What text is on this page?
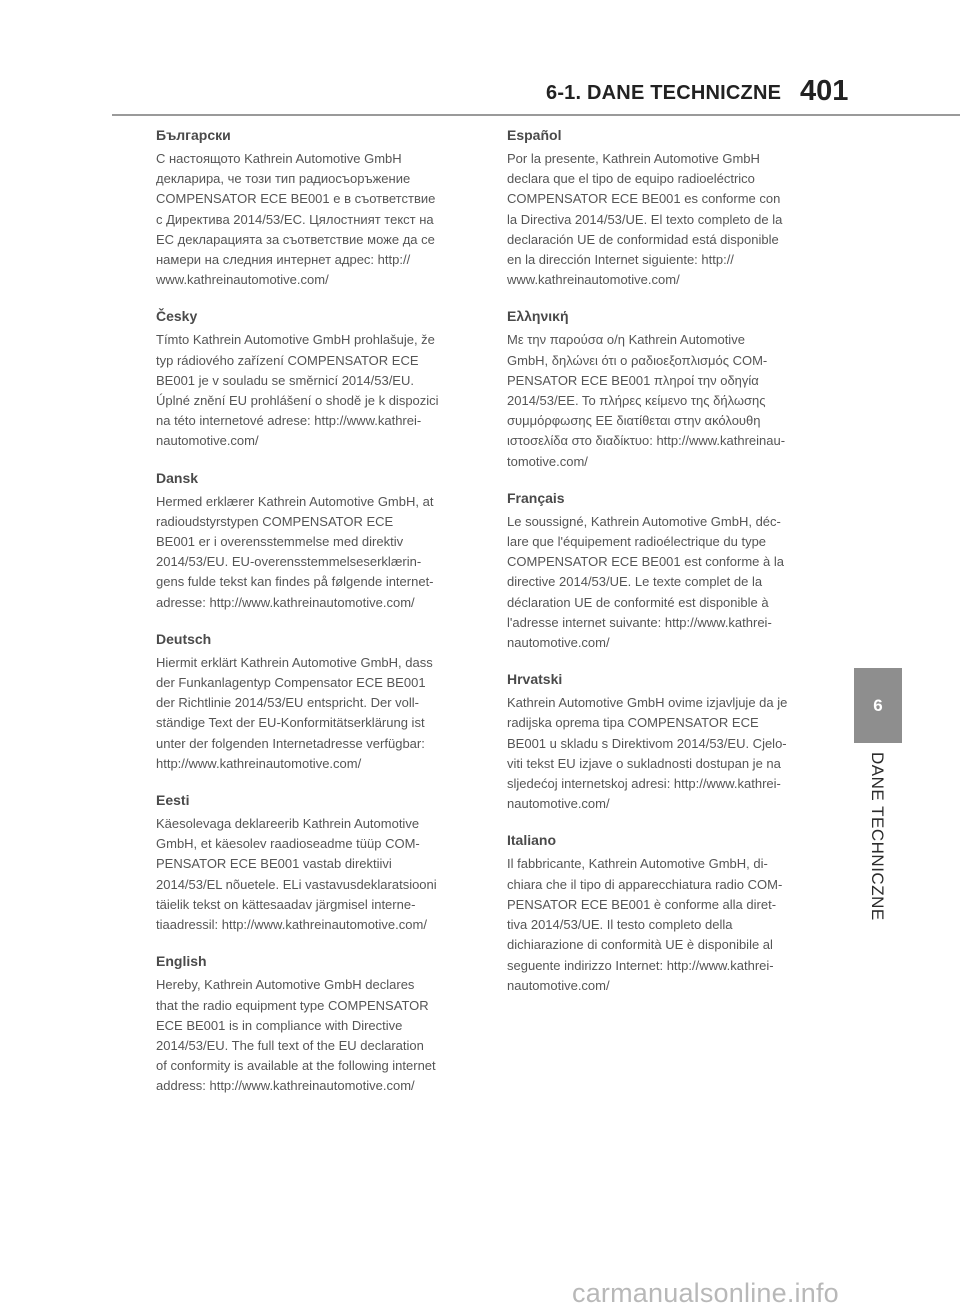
6-1. DANE TECHNICZNE 401
Български

С настоящото Kathrein Automotive GmbH
декларира, че този тип радиосъоръжение
COMPENSATOR ECE BE001 е в съответствие
с Директива 2014/53/ЕС. Цялостният текст на
ЕС декларацията за съответствие може да се
намери на следния интернет адрес: http://
www.kathreinautomotive.com/

Česky

Tímto Kathrein Automotive GmbH prohlašuje, že
typ rádiového zařízení COMPENSATOR ECE
BE001 je v souladu se směrnicí 2014/53/EU.
Úplné znění EU prohlášení o shodě je k dispozici
na této internetové adrese: http://www.kathrei-
nautomotive.com/

Dansk

Hermed erklærer Kathrein Automotive GmbH, at
radioudstyrstypen COMPENSATOR ECE
BE001 er i overensstemmelse med direktiv
2014/53/EU. EU-overensstemmelseserklærin-
gens fulde tekst kan findes på følgende internet-
adresse: http://www.kathreinautomotive.com/

Deutsch

Hiermit erklärt Kathrein Automotive GmbH, dass
der Funkanlagentyp Compensator ECE BE001
der Richtlinie 2014/53/EU entspricht. Der voll-
ständige Text der EU-Konformitätserklärung ist
unter der folgenden Internetadresse verfügbar:
http://www.kathreinautomotive.com/

Eesti

Käesolevaga deklareerib Kathrein Automotive
GmbH, et käesolev raadioseadme tüüp COM-
PENSATOR ECE BE001 vastab direktiivi
2014/53/EL nõuetele. ELi vastavusdeklaratsiooni
täielik tekst on kättesaadav järgmisel interne-
tiaadressil: http://www.kathreinautomotive.com/

English

Hereby, Kathrein Automotive GmbH declares
that the radio equipment type COMPENSATOR
ECE BE001 is in compliance with Directive
2014/53/EU. The full text of the EU declaration
of conformity is available at the following internet
address: http://www.kathreinautomotive.com/

Español

Por la presente, Kathrein Automotive GmbH
declara que el tipo de equipo radioeléctrico
COMPENSATOR ECE BE001 es conforme con
la Directiva 2014/53/UE. El texto completo de la
declaración UE de conformidad está disponible
en la dirección Internet siguiente: http://
www.kathreinautomotive.com/

Ελληνική

Με την παρούσα ο/η Kathrein Automotive
GmbH, δηλώνει ότι ο ραδιοεξοπλισμός COM-
PENSATOR ECE BE001 πληροί την οδηγία
2014/53/ΕΕ. Το πλήρες κείμενο της δήλωσης
συμμόρφωσης ΕΕ διατίθεται στην ακόλουθη
ιστοσελίδα στο διαδίκτυο: http://www.kathreinau-
tomotive.com/

Français

Le soussigné, Kathrein Automotive GmbH, déc-
lare que l'équipement radioélectrique du type
COMPENSATOR ECE BE001 est conforme à la
directive 2014/53/UE. Le texte complet de la
déclaration UE de conformité est disponible à
l'adresse internet suivante: http://www.kathrei-
nautomotive.com/

Hrvatski

Kathrein Automotive GmbH ovime izjavljuje da je
radijska oprema tipa COMPENSATOR ECE
BE001 u skladu s Direktivom 2014/53/EU. Cjelo-
viti tekst EU izjave o sukladnosti dostupan je na
sljedećoj internetskoj adresi: http://www.kathrei-
nautomotive.com/

Italiano

Il fabbricante, Kathrein Automotive GmbH, di-
chiara che il tipo di apparecchiatura radio COM-
PENSATOR ECE BE001 è conforme alla diret-
tiva 2014/53/UE. Il testo completo della
dichiarazione di conformità UE è disponibile al
seguente indirizzo Internet: http://www.kathrei-
nautomotive.com/

6
DANE TECHNICZNE
carmanualsonline.info
